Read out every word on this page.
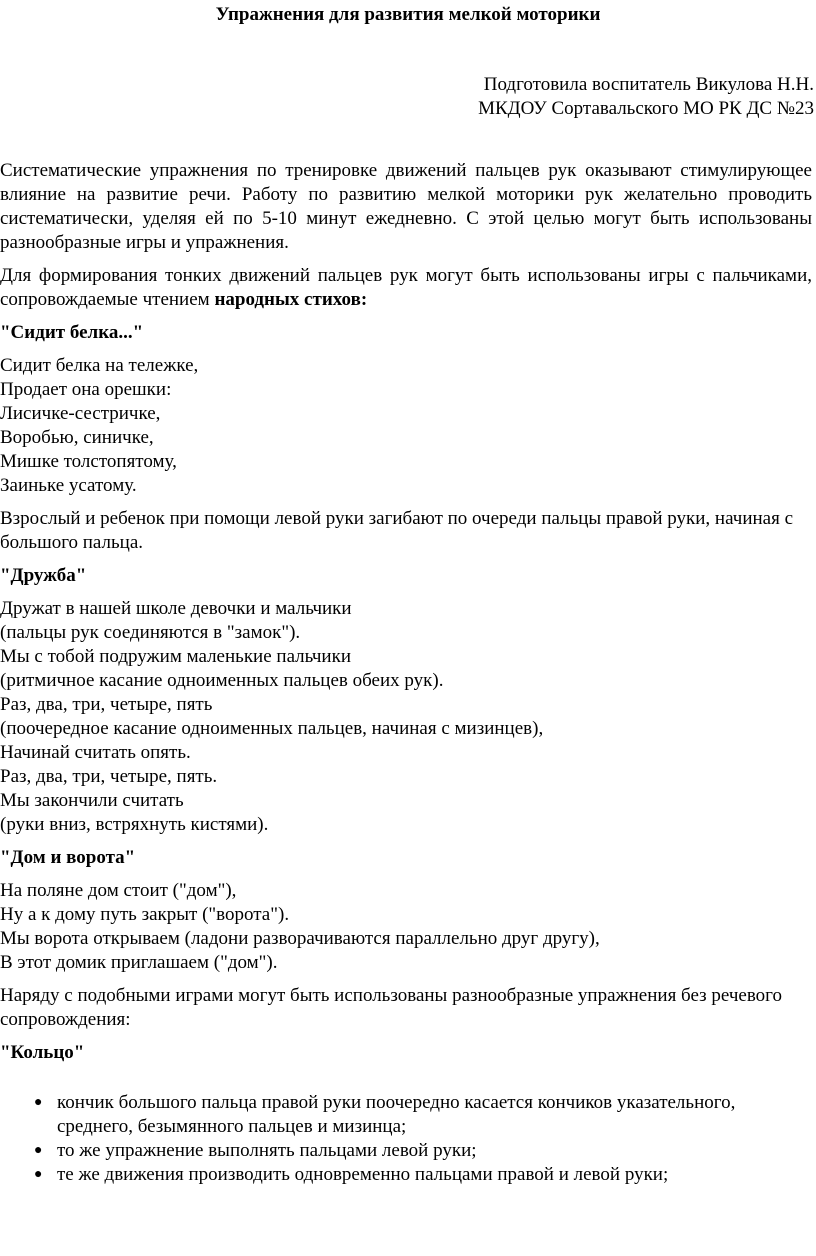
Упражнения для развития мелкой моторики
Подготовила воспитатель Викулова Н.Н.
МКДОУ Сортавальского МО РК ДС №23
Систематические упражнения по тренировке движений пальцев рук оказывают стимулирующее влияние на развитие речи. Работу по развитию мелкой моторики рук желательно проводить систематически, уделяя ей по 5-10 минут ежедневно. С этой целью могут быть использованы разнообразные игры и упражнения.
Для формирования тонких движений пальцев рук могут быть использованы игры с пальчиками, сопровождаемые чтением народных стихов:
"Сидит белка..."
Сидит белка на тележке,
Продает она орешки:
Лисичке-сестричке,
Воробью, синичке,
Мишке толстопятому,
Заиньке усатому.
Взрослый и ребенок при помощи левой руки загибают по очереди пальцы правой руки, начиная с большого пальца.
"Дружба"
Дружат в нашей школе девочки и мальчики
(пальцы рук соединяются в "замок").
Мы с тобой подружим маленькие пальчики
(ритмичное касание одноименных пальцев обеих рук).
Раз, два, три, четыре, пять
(поочередное касание одноименных пальцев, начиная с мизинцев),
Начинай считать опять.
Раз, два, три, четыре, пять.
Мы закончили считать
(руки вниз, встряхнуть кистями).
"Дом и ворота"
На поляне дом стоит ("дом"),
Ну а к дому путь закрыт ("ворота").
Мы ворота открываем (ладони разворачиваются параллельно друг другу),
В этот домик приглашаем ("дом").
Наряду с подобными играми могут быть использованы разнообразные упражнения без речевого сопровождения:
"Кольцо"
● кончик большого пальца правой руки поочередно касается кончиков указательного, среднего, безымянного пальцев и мизинца;
● то же упражнение выполнять пальцами левой руки;
● те же движения производить одновременно пальцами правой и левой руки;
